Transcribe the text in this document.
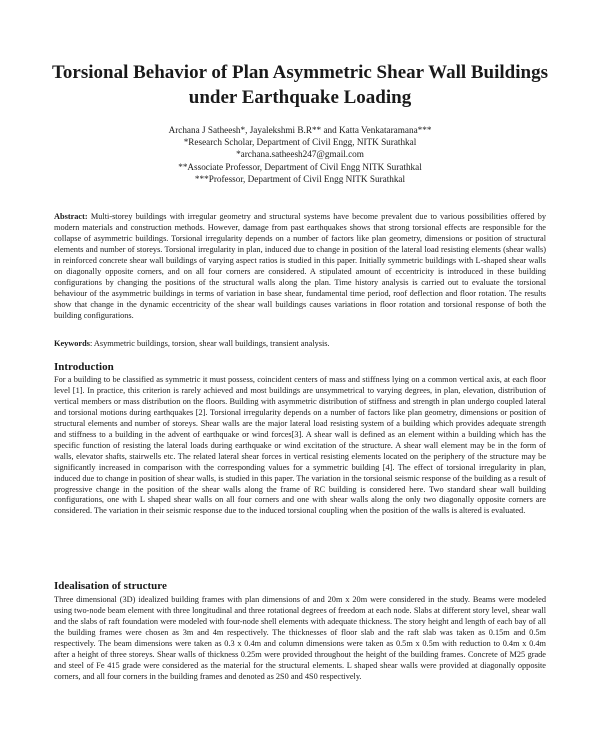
Torsional Behavior of Plan Asymmetric Shear Wall Buildings under Earthquake Loading
Archana J Satheesh*, Jayalekshmi B.R** and Katta Venkataramana***
*Research Scholar, Department of Civil Engg, NITK Surathkal
*archana.satheesh247@gmail.com
**Associate Professor, Department of Civil Engg NITK Surathkal
***Professor, Department of Civil Engg NITK Surathkal
Abstract: Multi-storey buildings with irregular geometry and structural systems have become prevalent due to various possibilities offered by modern materials and construction methods. However, damage from past earthquakes shows that strong torsional effects are responsible for the collapse of asymmetric buildings. Torsional irregularity depends on a number of factors like plan geometry, dimensions or position of structural elements and number of storeys. Torsional irregularity in plan, induced due to change in position of the lateral load resisting elements (shear walls) in reinforced concrete shear wall buildings of varying aspect ratios is studied in this paper. Initially symmetric buildings with L-shaped shear walls on diagonally opposite corners, and on all four corners are considered. A stipulated amount of eccentricity is introduced in these building configurations by changing the positions of the structural walls along the plan. Time history analysis is carried out to evaluate the torsional behaviour of the asymmetric buildings in terms of variation in base shear, fundamental time period, roof deflection and floor rotation. The results show that change in the dynamic eccentricity of the shear wall buildings causes variations in floor rotation and torsional response of both the building configurations.
Keywords: Asymmetric buildings, torsion, shear wall buildings, transient analysis.
Introduction
For a building to be classified as symmetric it must possess, coincident centers of mass and stiffness lying on a common vertical axis, at each floor level [1]. In practice, this criterion is rarely achieved and most buildings are unsymmetrical to varying degrees, in plan, elevation, distribution of vertical members or mass distribution on the floors. Building with asymmetric distribution of stiffness and strength in plan undergo coupled lateral and torsional motions during earthquakes [2]. Torsional irregularity depends on a number of factors like plan geometry, dimensions or position of structural elements and number of storeys. Shear walls are the major lateral load resisting system of a building which provides adequate strength and stiffness to a building in the advent of earthquake or wind forces[3]. A shear wall is defined as an element within a building which has the specific function of resisting the lateral loads during earthquake or wind excitation of the structure. A shear wall element may be in the form of walls, elevator shafts, stairwells etc. The related lateral shear forces in vertical resisting elements located on the periphery of the structure may be significantly increased in comparison with the corresponding values for a symmetric building [4]. The effect of torsional irregularity in plan, induced due to change in position of shear walls, is studied in this paper. The variation in the torsional seismic response of the building as a result of progressive change in the position of the shear walls along the frame of RC building is considered here. Two standard shear wall building configurations, one with L shaped shear walls on all four corners and one with shear walls along the only two diagonally opposite corners are considered. The variation in their seismic response due to the induced torsional coupling when the position of the walls is altered is evaluated.
Idealisation of structure
Three dimensional (3D) idealized building frames with plan dimensions of and 20m x 20m were considered in the study. Beams were modeled using two-node beam element with three longitudinal and three rotational degrees of freedom at each node. Slabs at different story level, shear wall and the slabs of raft foundation were modeled with four-node shell elements with adequate thickness. The story height and length of each bay of all the building frames were chosen as 3m and 4m respectively. The thicknesses of floor slab and the raft slab was taken as 0.15m and 0.5m respectively. The beam dimensions were taken as 0.3 x 0.4m and column dimensions were taken as 0.5m x 0.5m with reduction to 0.4m x 0.4m after a height of three storeys. Shear walls of thickness 0.25m were provided throughout the height of the building frames. Concrete of M25 grade and steel of Fe 415 grade were considered as the material for the structural elements. L shaped shear walls were provided at diagonally opposite corners, and all four corners in the building frames and denoted as 2S0 and 4S0 respectively.
